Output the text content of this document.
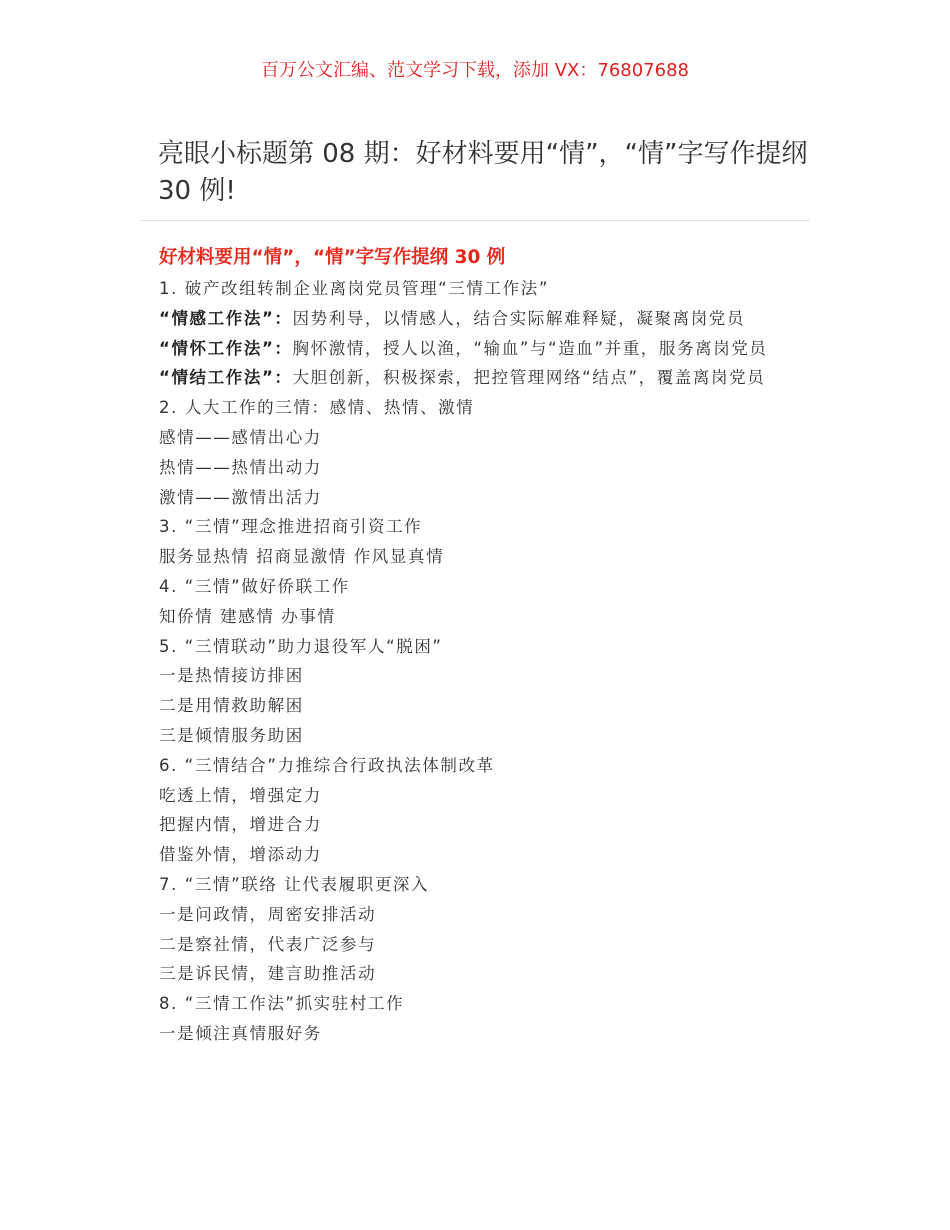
百万公文汇编、范文学习下载，添加 VX：76807688
亮眼小标题第 08 期：好材料要用“情”，“情”字写作提纲 30 例!
好材料要用“情”，“情”字写作提纲 30 例
1. 破产改组转制企业离岗党员管理“三情工作法”
“情感工作法”：因势利导，以情感人，结合实际解难释疑，凝聚离岗党员
“情怀工作法”：胸怀激情，授人以渔，“输血”与“造血”并重，服务离岗党员
“情结工作法”：大胆创新，积极探索，把控管理网络“结点”，覆盖离岗党员
2. 人大工作的三情：感情、热情、激情
感情——感情出心力
热情——热情出动力
激情——激情出活力
3. “三情”理念推进招商引资工作
服务显热情 招商显激情 作风显真情
4. “三情”做好侨联工作
知侨情 建感情 办事情
5. “三情联动”助力退役军人“脱困”
一是热情接访排困
二是用情救助解困
三是倾情服务助困
6. “三情结合”力推综合行政执法体制改革
吃透上情，增强定力
把握内情，增进合力
借鉴外情，增添动力
7. “三情”联络 让代表履职更深入
一是问政情，周密安排活动
二是察社情，代表广泛参与
三是诉民情，建言助推活动
8. “三情工作法”抓实驻村工作
一是倾注真情服好务
